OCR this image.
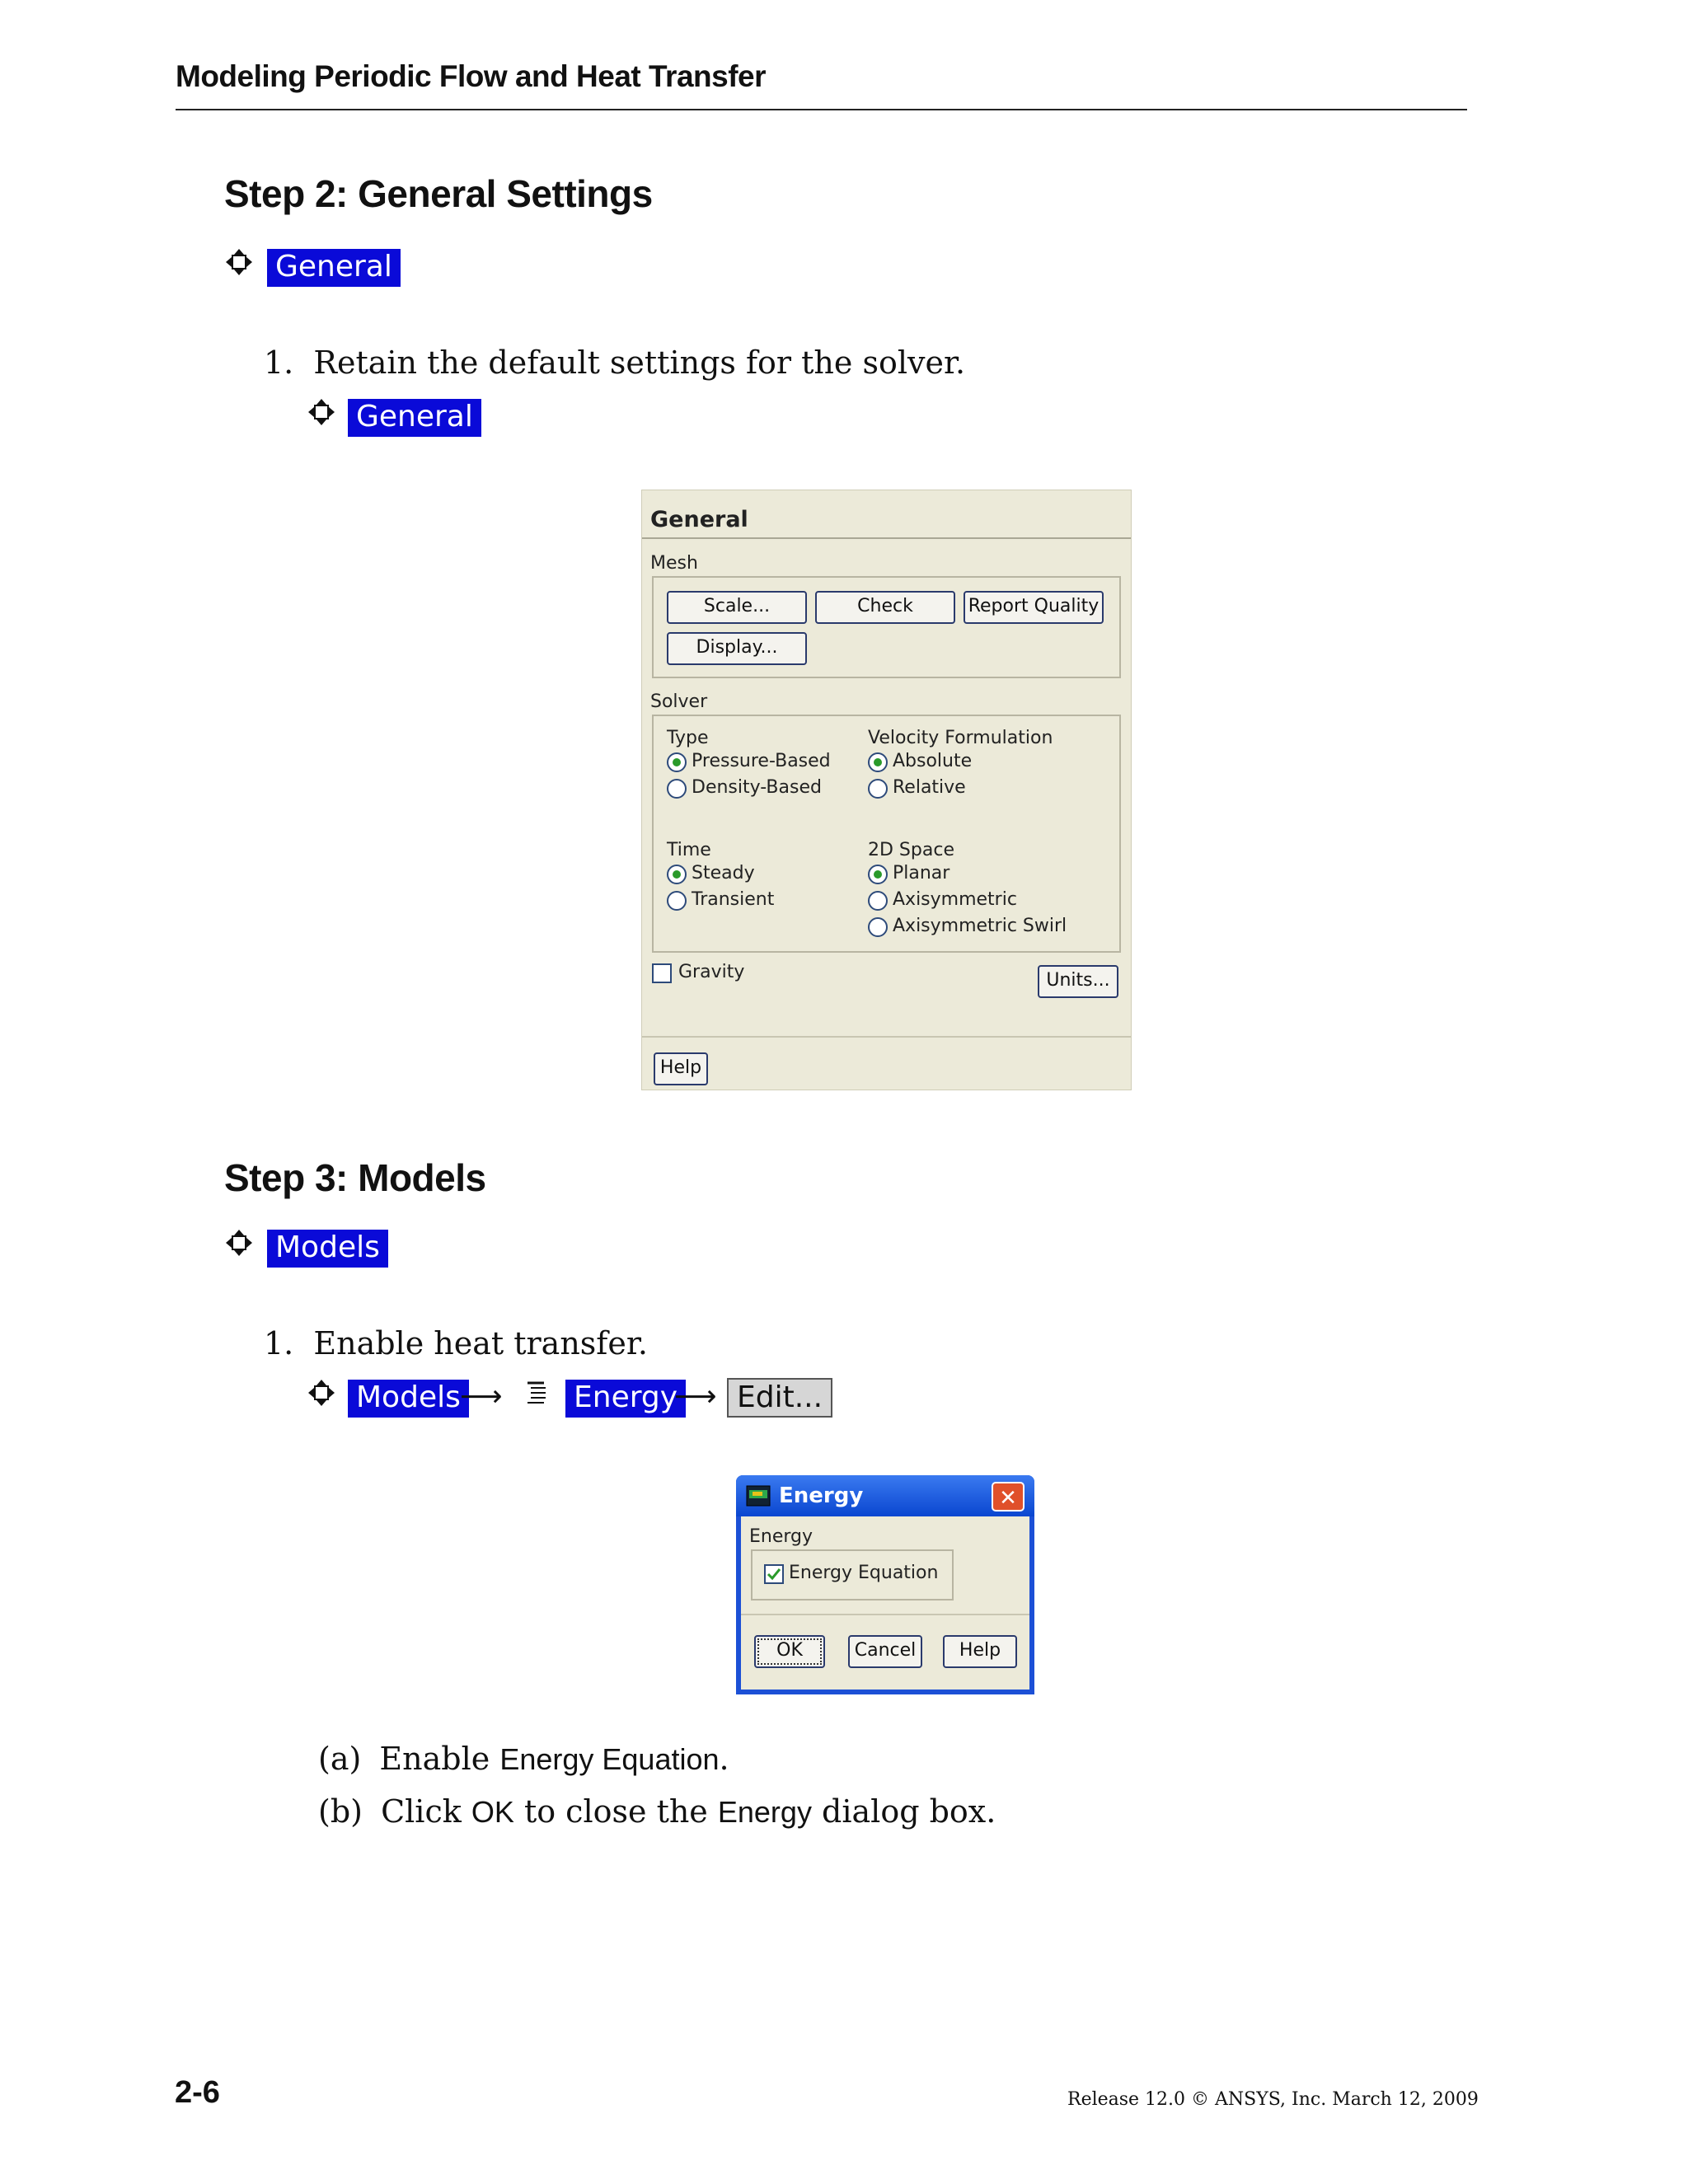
Modeling Periodic Flow and Heat Transfer
Step 2: General Settings
General
1. Retain the default settings for the solver.
General
General
Mesh
Scale...	Check	Report Quality
Display...
Solver
Type
Pressure-Based
Density-Based
Velocity Formulation
Absolute
Relative
Time
Steady
Transient
2D Space
Planar
Axisymmetric
Axisymmetric Swirl
Gravity	Units...
Help
Step 3: Models
Models
1. Enable heat transfer.
Models ⟶ Energy
⟶ Edit...
Energy	✕
Energy
Energy Equation
OK	Cancel	Help
(a) Enable Energy Equation.
(b) Click OK to close the Energy dialog box.
2-6	Release 12.0 © ANSYS, Inc. March 12, 2009
